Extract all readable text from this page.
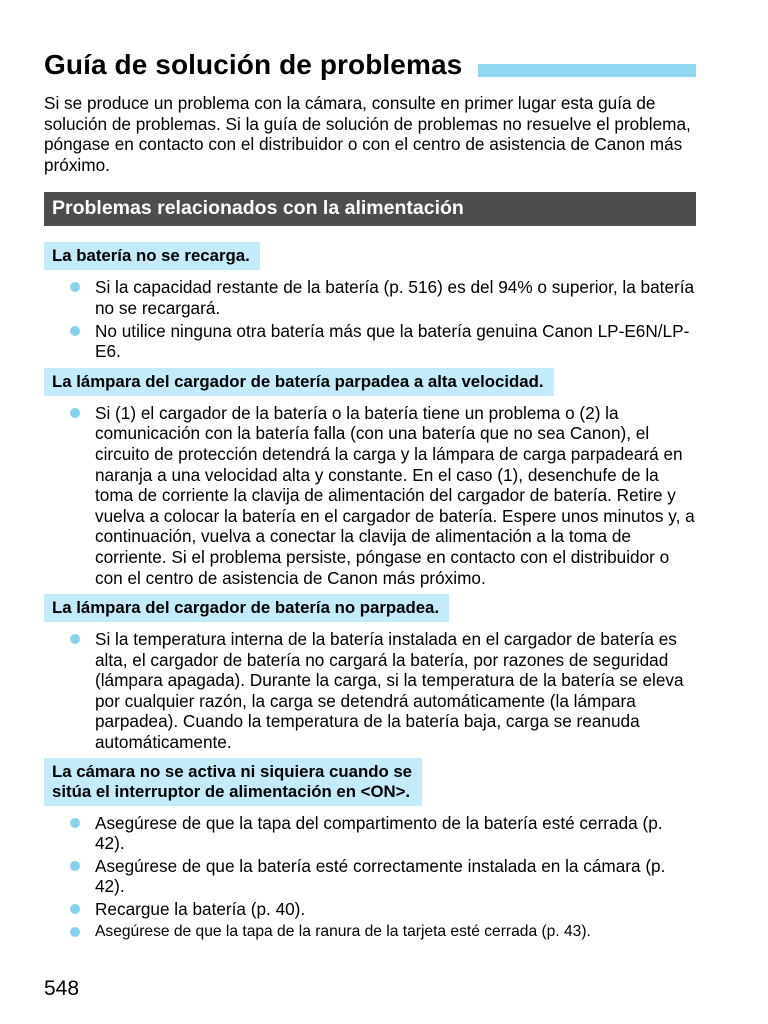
Guía de solución de problemas
Si se produce un problema con la cámara, consulte en primer lugar esta guía de solución de problemas. Si la guía de solución de problemas no resuelve el problema, póngase en contacto con el distribuidor o con el centro de asistencia de Canon más próximo.
Problemas relacionados con la alimentación
La batería no se recarga.
Si la capacidad restante de la batería (p. 516) es del 94% o superior, la batería no se recargará.
No utilice ninguna otra batería más que la batería genuina Canon LP-E6N/LP-E6.
La lámpara del cargador de batería parpadea a alta velocidad.
Si (1) el cargador de la batería o la batería tiene un problema o (2) la comunicación con la batería falla (con una batería que no sea Canon), el circuito de protección detendrá la carga y la lámpara de carga parpadeará en naranja a una velocidad alta y constante. En el caso (1), desenchufe de la toma de corriente la clavija de alimentación del cargador de batería. Retire y vuelva a colocar la batería en el cargador de batería. Espere unos minutos y, a continuación, vuelva a conectar la clavija de alimentación a la toma de corriente. Si el problema persiste, póngase en contacto con el distribuidor o con el centro de asistencia de Canon más próximo.
La lámpara del cargador de batería no parpadea.
Si la temperatura interna de la batería instalada en el cargador de batería es alta, el cargador de batería no cargará la batería, por razones de seguridad (lámpara apagada). Durante la carga, si la temperatura de la batería se eleva por cualquier razón, la carga se detendrá automáticamente (la lámpara parpadea). Cuando la temperatura de la batería baja, carga se reanuda automáticamente.
La cámara no se activa ni siquiera cuando se
sitúa el interruptor de alimentación en <ON>.
Asegúrese de que la tapa del compartimento de la batería esté cerrada (p. 42).
Asegúrese de que la batería esté correctamente instalada en la cámara (p. 42).
Recargue la batería (p. 40).
Asegúrese de que la tapa de la ranura de la tarjeta esté cerrada (p. 43).
548
